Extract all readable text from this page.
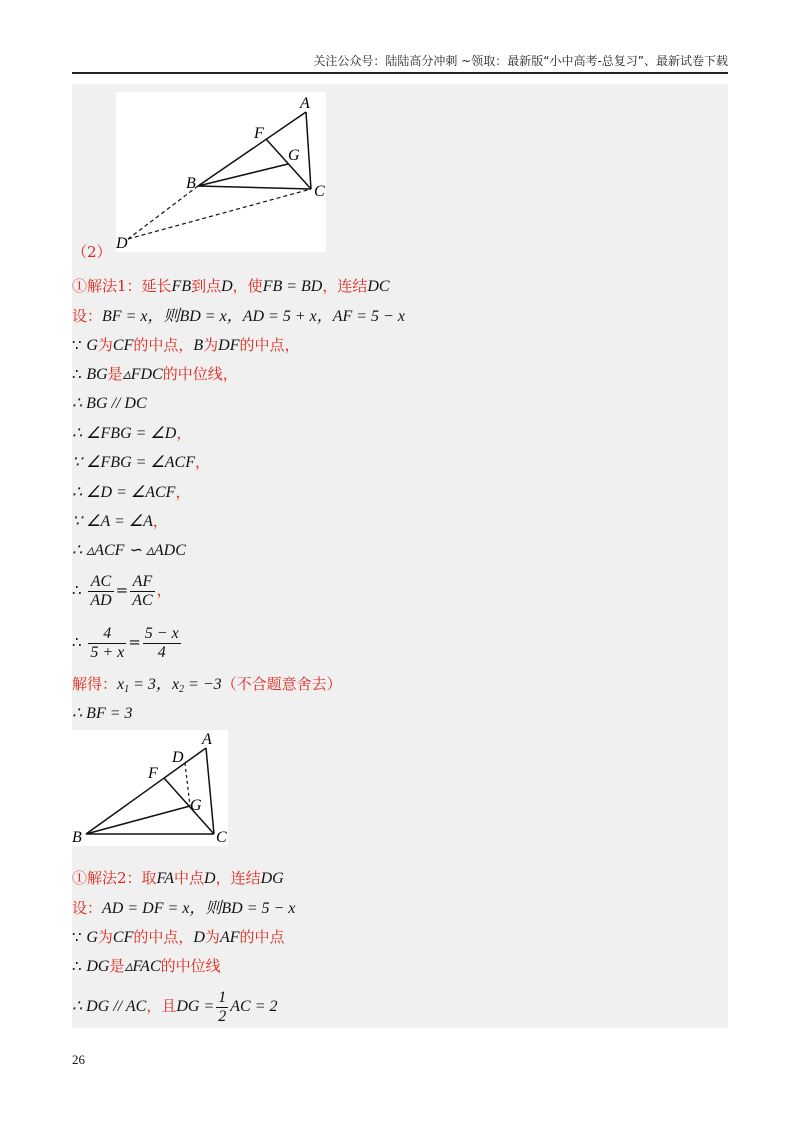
关注公众号：陆陆高分冲刺 ~领取：最新版“小中高考-总复习”、最新试卷下载
A
F
G
B	C
D
（2）
①解法1：延长FB到点D，使FB = BD，连结DC
设：BF = x，则BD = x，AD = 5 + x，AF = 5 − x
∵ G为CF的中点，B为DF的中点，
∴ BG是▵FDC的中位线，
∴ BG // DC
∴ ∠FBG = ∠D，
∵ ∠FBG = ∠ACF，
∴ ∠D = ∠ACF，
∵ ∠A = ∠A，
∴ ▵ACF ∽ ▵ADC
∴ $\frac{AC}{AD} = \frac{AF}{AC}$ ，
∴ $\frac{4}{5 + x} = \frac{5 - x}{4}$
解得：$x_1 = 3$，$x_2 = -3$（不合题意舍去）
∴ BF = 3
A
D
F
G
B	C
①解法2：取FA中点D，连结DG
设：AD = DF = x，则BD = 5 − x
∵ G为CF的中点，D为AF的中点
∴ DG是▵FAC的中位线
∴ DG // AC，且DG = $\frac{1}{2}$ AC = 2
26
